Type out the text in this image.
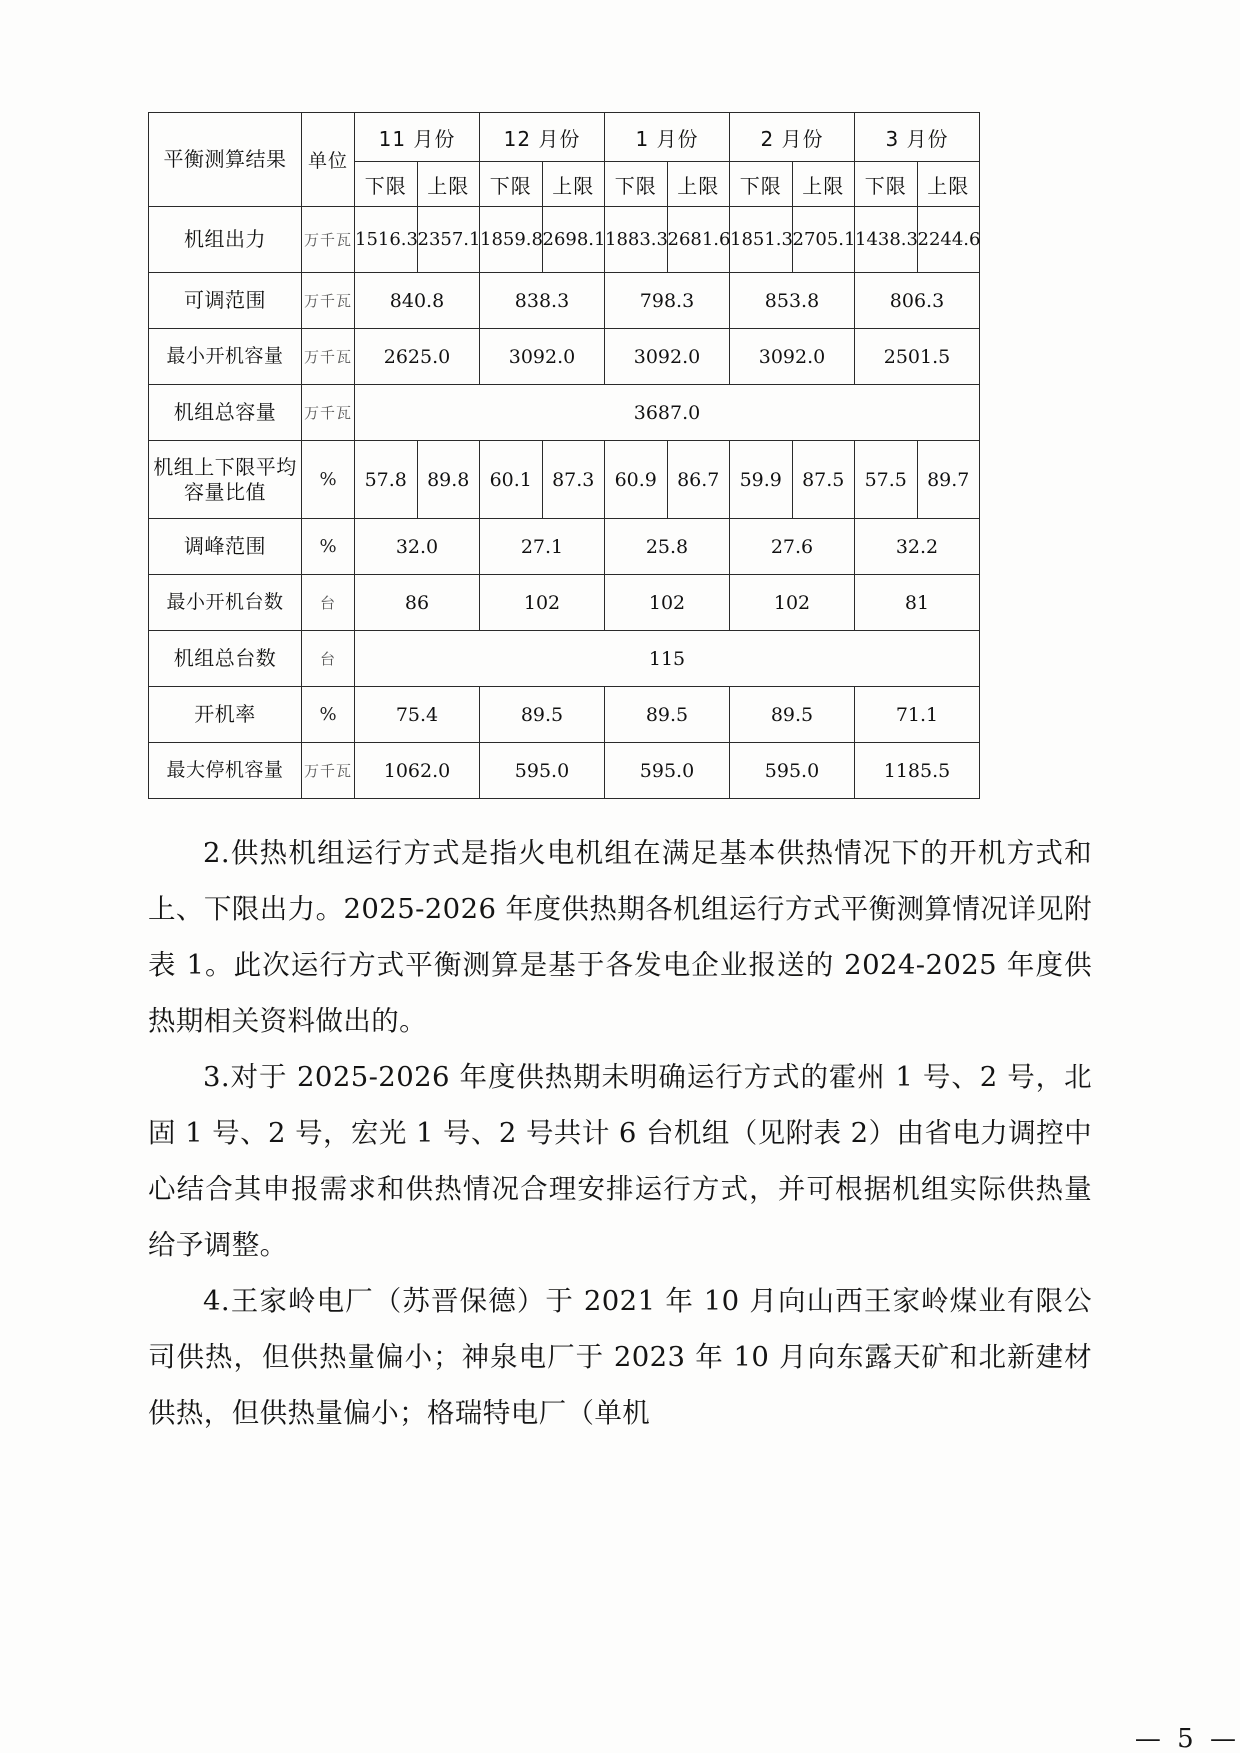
平衡测算结果	单位	11 月份		12 月份		1 月份		2 月份		3 月份	
		下限	上限	下限	上限	下限	上限	下限	上限	下限	上限
机组出力	万千瓦	1516.3	2357.1	1859.8	2698.1	1883.3	2681.6	1851.3	2705.1	1438.3	2244.6
可调范围	万千瓦	840.8		838.3		798.3		853.8		806.3	
最小开机容量	万千瓦	2625.0		3092.0		3092.0		3092.0		2501.5	
机组总容量	万千瓦	3687.0									
机组上下限平均容量比值	%	57.8	89.8	60.1	87.3	60.9	86.7	59.9	87.5	57.5	89.7
调峰范围	%	32.0		27.1		25.8		27.6		32.2	
最小开机台数	台	86		102		102		102		81	
机组总台数	台	115									
开机率	%	75.4		89.5		89.5		89.5		71.1	
最大停机容量	万千瓦	1062.0		595.0		595.0		595.0		1185.5	

2.供热机组运行方式是指火电机组在满足基本供热情况下的开机方式和上、下限出力。2025-2026 年度供热期各机组运行方式平衡测算情况详见附表 1。此次运行方式平衡测算是基于各发电企业报送的 2024-2025 年度供热期相关资料做出的。

3.对于 2025-2026 年度供热期未明确运行方式的霍州 1 号、2 号，北固 1 号、2 号，宏光 1 号、2 号共计 6 台机组（见附表 2）由省电力调控中心结合其申报需求和供热情况合理安排运行方式，并可根据机组实际供热量给予调整。

4.王家岭电厂（苏晋保德）于 2021 年 10 月向山西王家岭煤业有限公司供热，但供热量偏小；神泉电厂于 2023 年 10 月向东露天矿和北新建材供热，但供热量偏小；格瑞特电厂（单机

— 5 —
